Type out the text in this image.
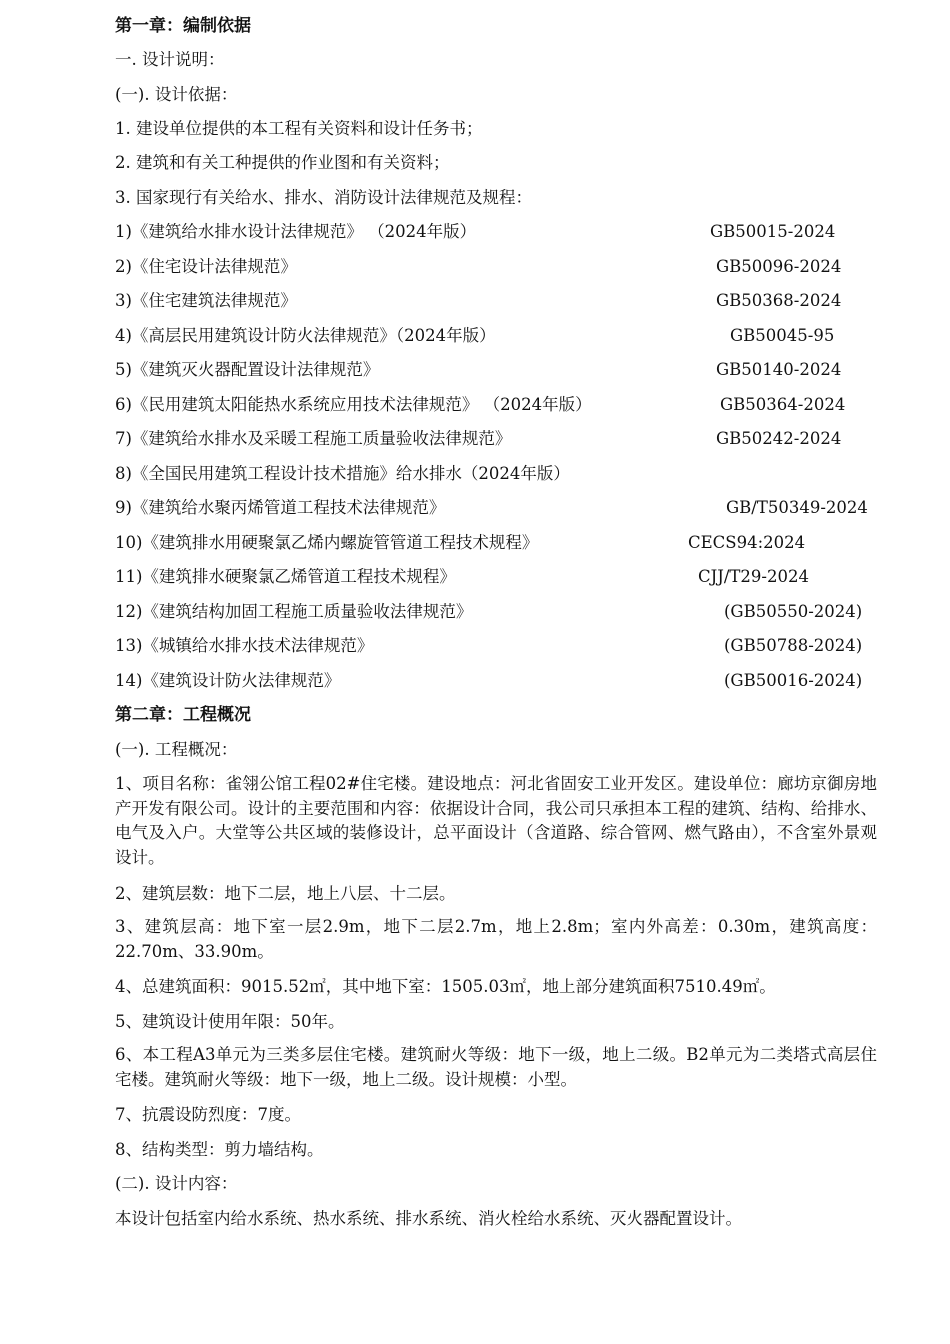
第一章：编制依据
一. 设计说明：
(一). 设计依据：
1. 建设单位提供的本工程有关资料和设计任务书；
2. 建筑和有关工种提供的作业图和有关资料；
3. 国家现行有关给水、排水、消防设计法律规范及规程：
1)《建筑给水排水设计法律规范》 （2024年版）	GB50015-2024
2)《住宅设计法律规范》	GB50096-2024
3)《住宅建筑法律规范》	GB50368-2024
4)《高层民用建筑设计防火法律规范》（2024年版）	GB50045-95
5)《建筑灭火器配置设计法律规范》	GB50140-2024
6)《民用建筑太阳能热水系统应用技术法律规范》 （2024年版）	GB50364-2024
7)《建筑给水排水及采暖工程施工质量验收法律规范》	GB50242-2024
8)《全国民用建筑工程设计技术措施》给水排水（2024年版）
9)《建筑给水聚丙烯管道工程技术法律规范》	GB/T50349-2024
10)《建筑排水用硬聚氯乙烯内螺旋管管道工程技术规程》	CECS94:2024
11)《建筑排水硬聚氯乙烯管道工程技术规程》	CJJ/T29-2024
12)《建筑结构加固工程施工质量验收法律规范》	(GB50550-2024)
13)《城镇给水排水技术法律规范》	(GB50788-2024)
14)《建筑设计防火法律规范》	(GB50016-2024)
第二章：工程概况
(一). 工程概况：
1、项目名称：雀翎公馆工程02#住宅楼。建设地点：河北省固安工业开发区。建设单位：廊坊京御房地产开发有限公司。设计的主要范围和内容：依据设计合同，我公司只承担本工程的建筑、结构、给排水、电气及入户。大堂等公共区域的装修设计，总平面设计（含道路、综合管网、燃气路由），不含室外景观设计。
2、建筑层数：地下二层，地上八层、十二层。
3、建筑层高：地下室一层2.9m，地下二层2.7m，地上2.8m；室内外高差：0.30m，建筑高度：22.70m、33.90m。
4、总建筑面积：9015.52㎡，其中地下室：1505.03㎡，地上部分建筑面积7510.49㎡。
5、建筑设计使用年限：50年。
6、本工程A3单元为三类多层住宅楼。建筑耐火等级：地下一级，地上二级。B2单元为二类塔式高层住宅楼。建筑耐火等级：地下一级，地上二级。设计规模：小型。
7、抗震设防烈度：7度。
8、结构类型：剪力墙结构。
(二). 设计内容：
本设计包括室内给水系统、热水系统、排水系统、消火栓给水系统、灭火器配置设计。
